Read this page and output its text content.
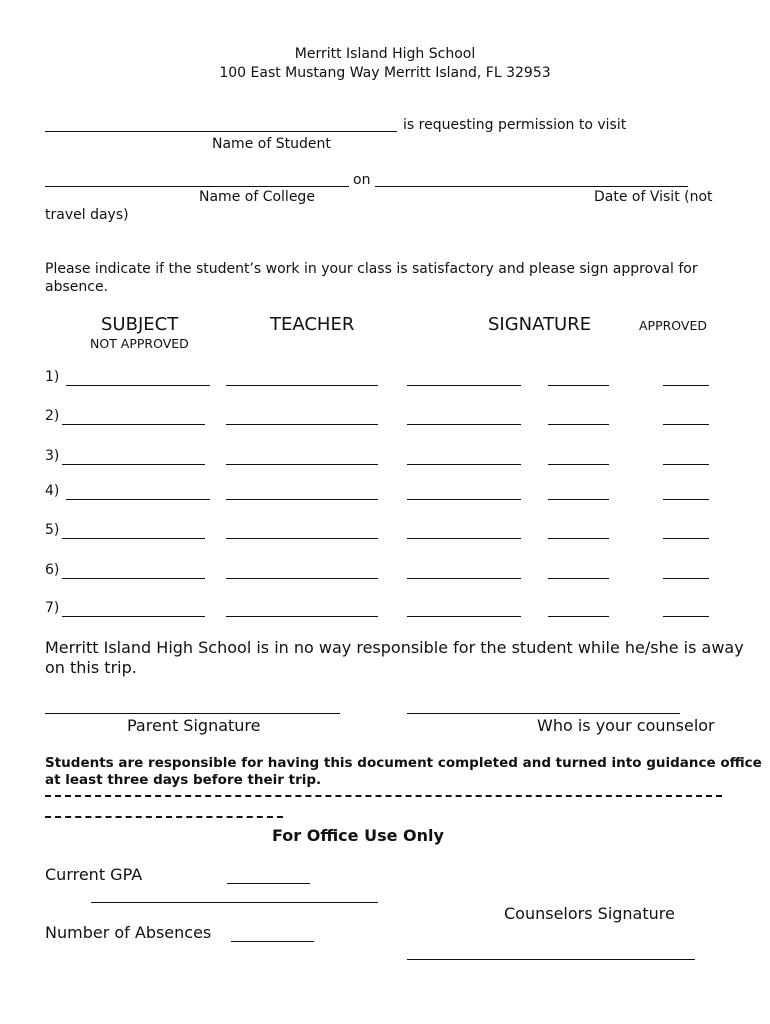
Merritt Island High School
100 East Mustang Way Merritt Island, FL 32953
is requesting permission to visit
Name of Student
on
Name of College	Date of Visit (not
travel days)
Please indicate if the student’s work in your class is satisfactory and please sign approval for
absence.
SUBJECT	TEACHER	SIGNATURE	APPROVED
NOT APPROVED
1)
2)
3)
4)
5)
6)
7)
Merritt Island High School is in no way responsible for the student while he/she is away
on this trip.
Parent Signature	Who is your counselor
Students are responsible for having this document completed and turned into guidance office
at least three days before their trip.
For Office Use Only
Current GPA
Counselors Signature
Number of Absences
